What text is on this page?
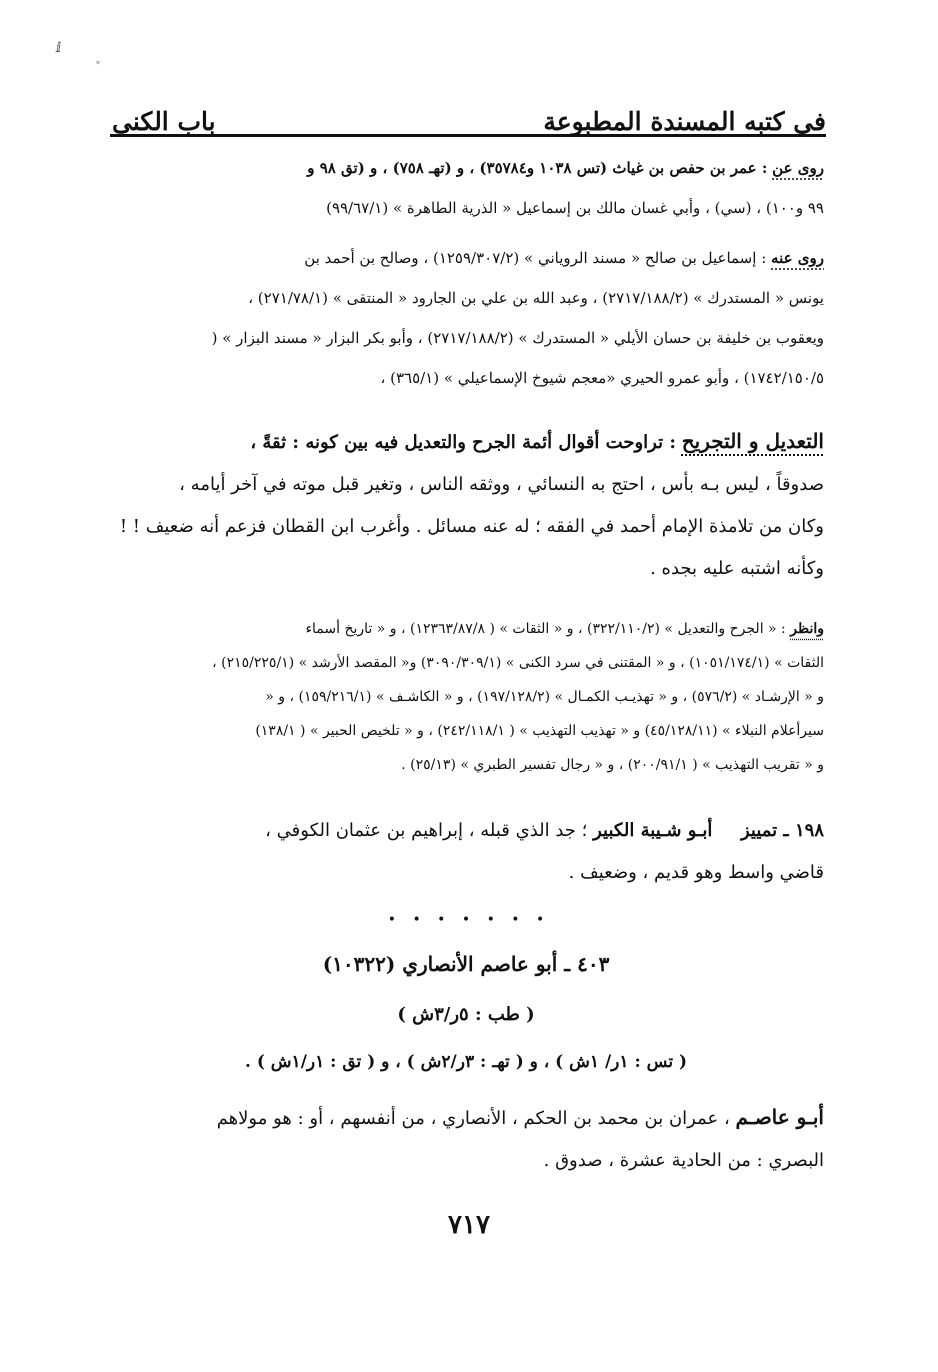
ⅈ
*
في كتبه المسندة المطبوعة
باب الكنى
روى عن : عمر بن حفص بن غياث (تس ١٠٣٨ و٣٥٧٨٤) ، و (تهـ ٧٥٨) ، و (تق ٩٨ و
٩٩ و١٠٠) ، (سي) ، وأبي غسان مالك بن إسماعيل « الذرية الطاهرة » (٩٩/٦٧/١)
روى عنه : إسماعيل بن صالح « مسند الروياني » (١٢٥٩/٣٠٧/٢) ، وصالح بن أحمد بن
يونس « المستدرك » (٢٧١٧/١٨٨/٢) ، وعبد الله بن علي بن الجارود « المنتقى » (٢٧١/٧٨/١) ،
ويعقوب بن خليفة بن حسان الأيلي « المستدرك » (٢٧١٧/١٨٨/٢) ، وأبو بكر البزار « مسند البزار » (
١٧٤٢/١٥٠/٥) ، وأبو عمرو الحيري «معجم شيوخ الإسماعيلي » (٣٦٥/١) ،
التعديل و التجريح : تراوحت أقوال أئمة الجرح والتعديل فيه بين كونه : ثقةً ،
صدوقاً ، ليس بـه بأس ، احتج به النسائي ، ووثقه الناس ، وتغير قبل موته في آخر أيامه ،
وكان من تلامذة الإمام أحمد في الفقه ؛ له عنه مسائل . وأغرب ابن القطان فزعم أنه ضعيف ! !
وكأنه اشتبه عليه بجده .
وانظر : « الجرح والتعديل » (٣٢٢/١١٠/٢) ، و « الثقات » ( ١٢٣٦٣/٨٧/٨) ، و « تاريخ أسماء
الثقات » (١٠٥١/١٧٤/١) ، و « المقتنى في سرد الكنى » (٣٠٩٠/٣٠٩/١) و« المقصد الأرشد » (٢١٥/٢٢٥/١) ،
و « الإرشـاد » (٥٧٦/٢) ، و « تهذيـب الكمـال » (١٩٧/١٢٨/٢) ، و « الكاشـف » (١٥٩/٢١٦/١) ، و «
سيرأعلام النبلاء » (٤٥/١٢٨/١١) و « تهذيب التهذيب » ( ٢٤٢/١١٨/١) ، و « تلخيص الحبير » ( ١٣٨/١)
و « تقريب التهذيب » ( ٢٠٠/٩١/١) ، و « رجال تفسير الطبري » (٢٥/١٣) .
١٩٨ ـ تمييز     أبـو شـيبة الكبير ؛ جد الذي قبله ، إبراهيم بن عثمان الكوفي ،
قاضي واسط وهو قديم ، وضعيف .
• • • • • • •
٤٠٣ ـ أبو عاصم الأنصاري (١٠٣٢٢)
( طب : ٥ر/٣ش )
( تس : ١ر/ ١ش ) ، و ( تهـ : ٣ر/٢ش ) ، و ( تق : ١ر/١ش ) .
أبـو عاصـم ، عمران بن محمد بن الحكم ، الأنصاري ، من أنفسهم ، أو : هو مولاهم
البصري : من الحادية عشرة ، صدوق .
٧١٧
